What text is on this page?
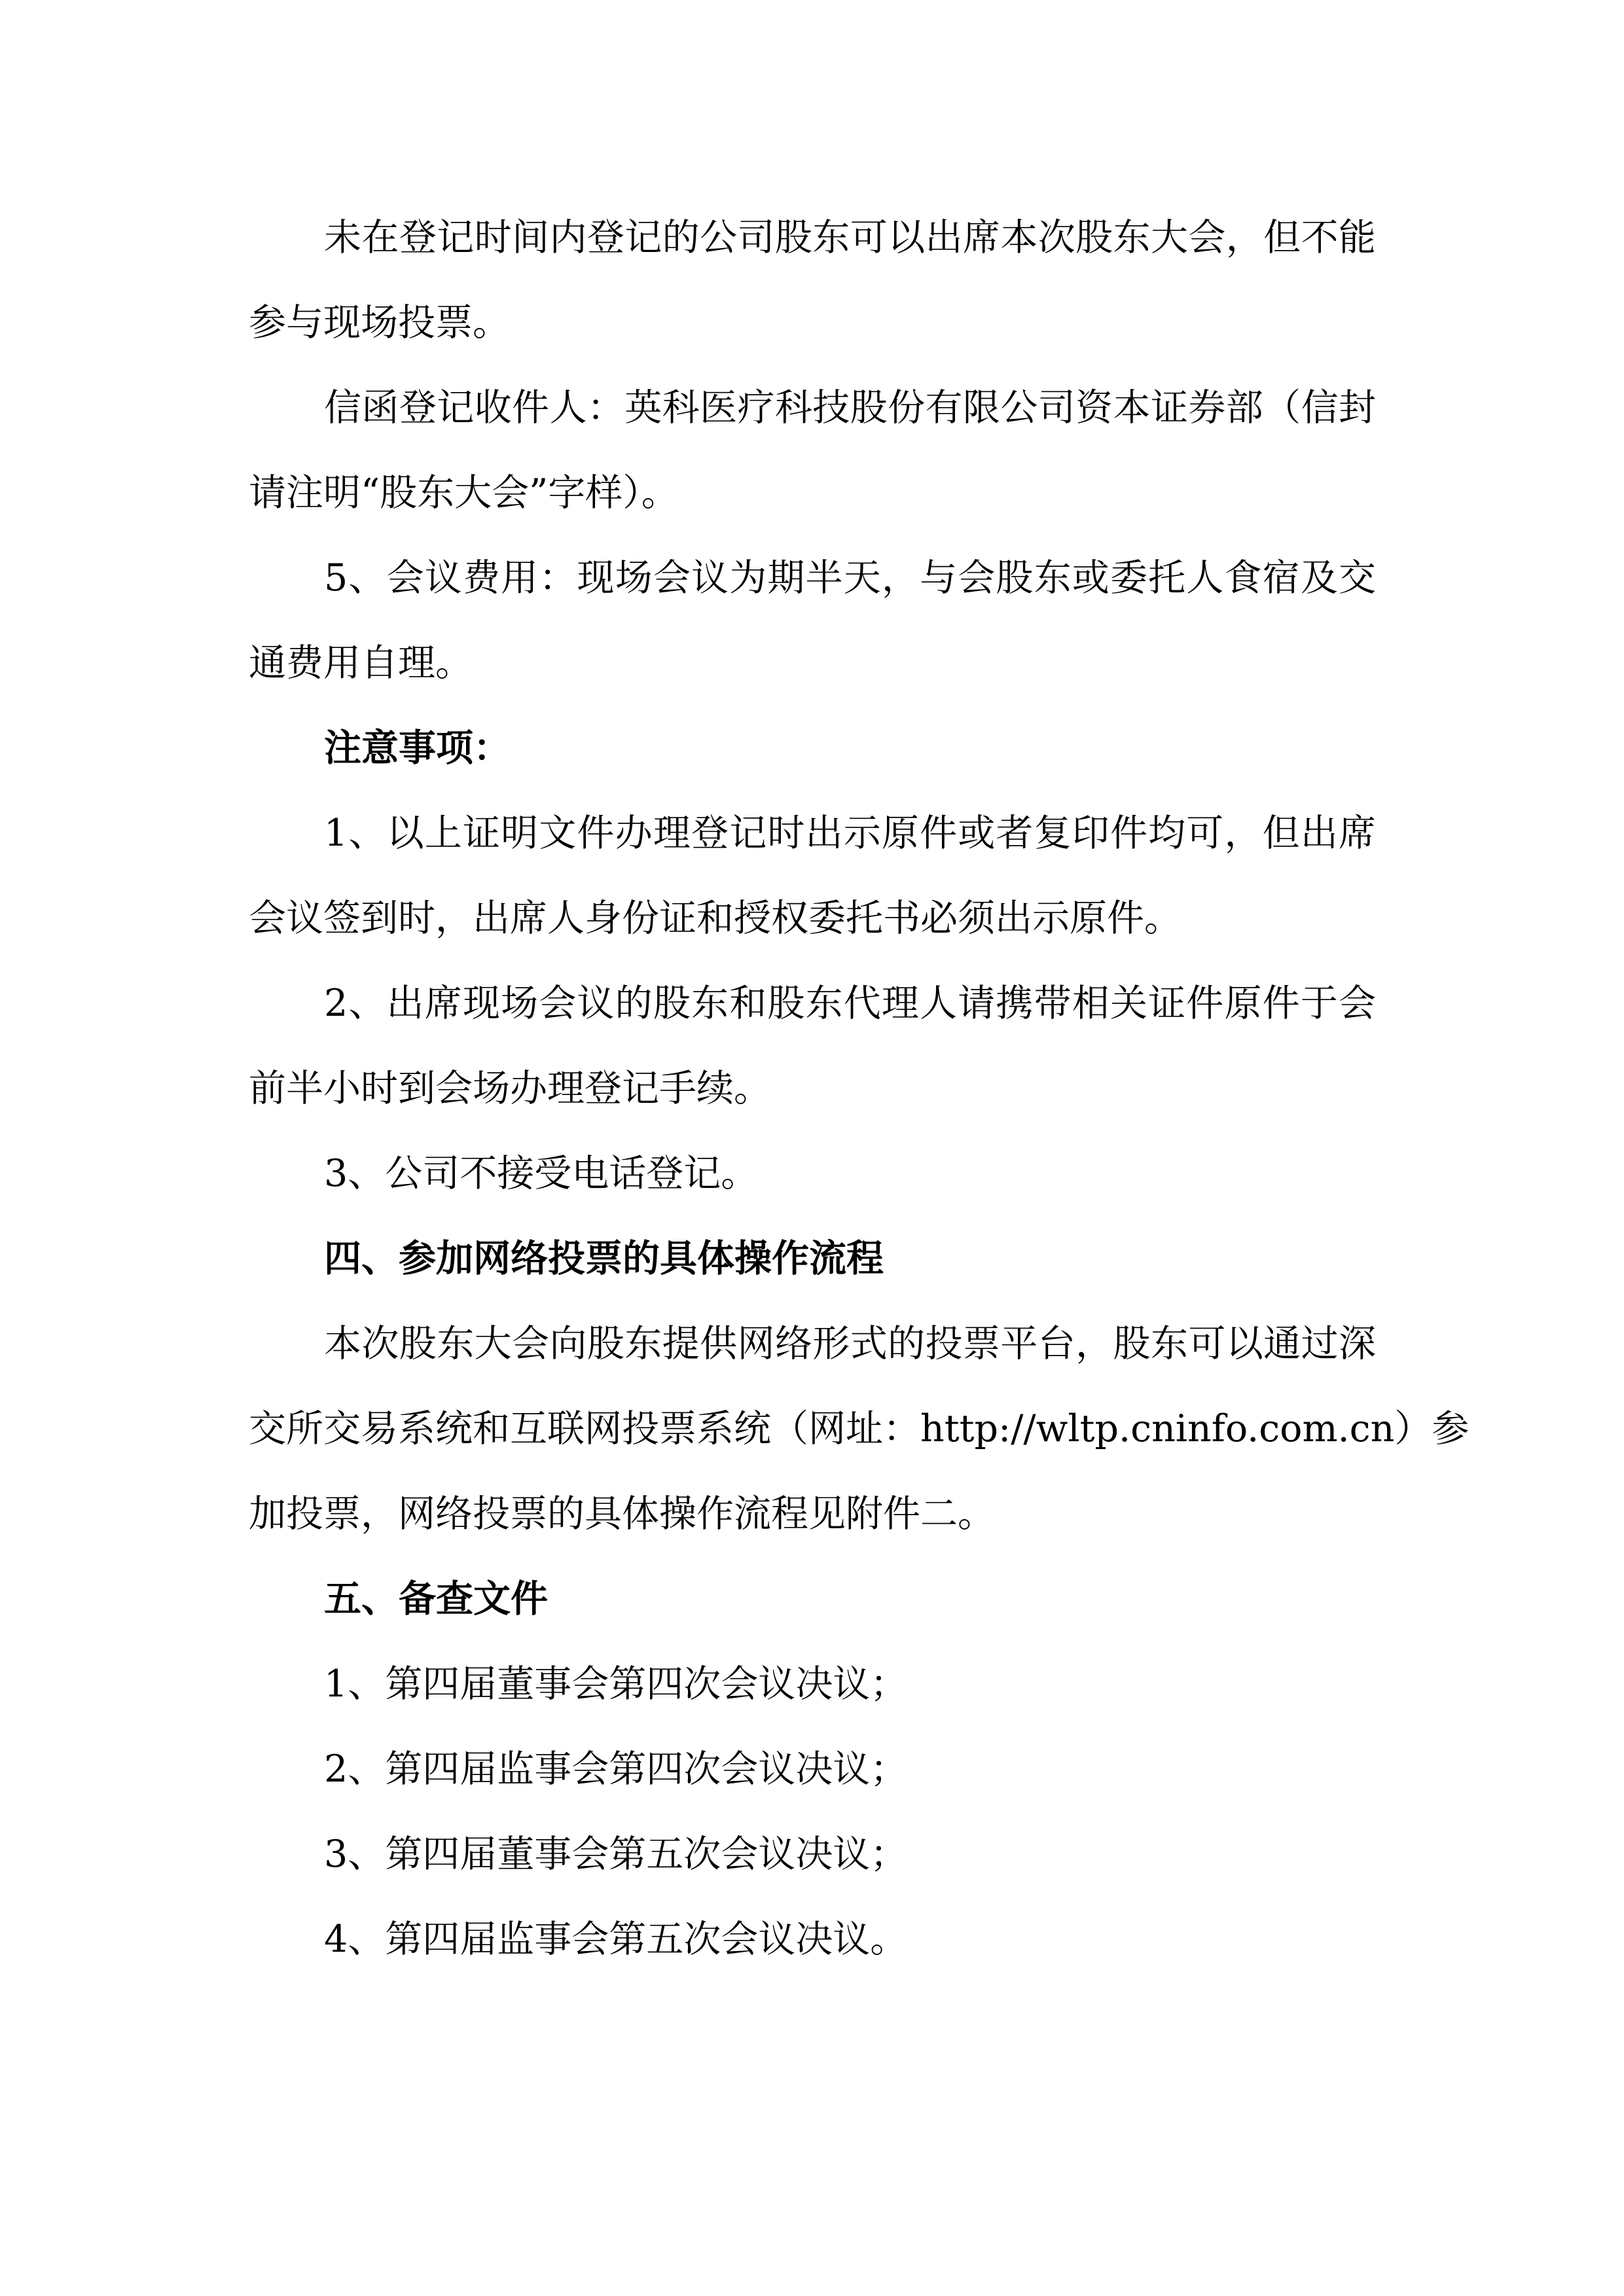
未在登记时间内登记的公司股东可以出席本次股东大会，但不能
参与现场投票。
信函登记收件人：英科医疗科技股份有限公司资本证券部（信封
请注明“股东大会”字样）。
5、会议费用：现场会议为期半天，与会股东或委托人食宿及交
通费用自理。
注意事项：
1、以上证明文件办理登记时出示原件或者复印件均可，但出席
会议签到时，出席人身份证和授权委托书必须出示原件。
2、出席现场会议的股东和股东代理人请携带相关证件原件于会
前半小时到会场办理登记手续。
3、公司不接受电话登记。
四、参加网络投票的具体操作流程
本次股东大会向股东提供网络形式的投票平台，股东可以通过深
交所交易系统和互联网投票系统（网址：http://wltp.cninfo.com.cn）参
加投票，网络投票的具体操作流程见附件二。
五、备查文件
1、第四届董事会第四次会议决议；
2、第四届监事会第四次会议决议；
3、第四届董事会第五次会议决议；
4、第四届监事会第五次会议决议。
